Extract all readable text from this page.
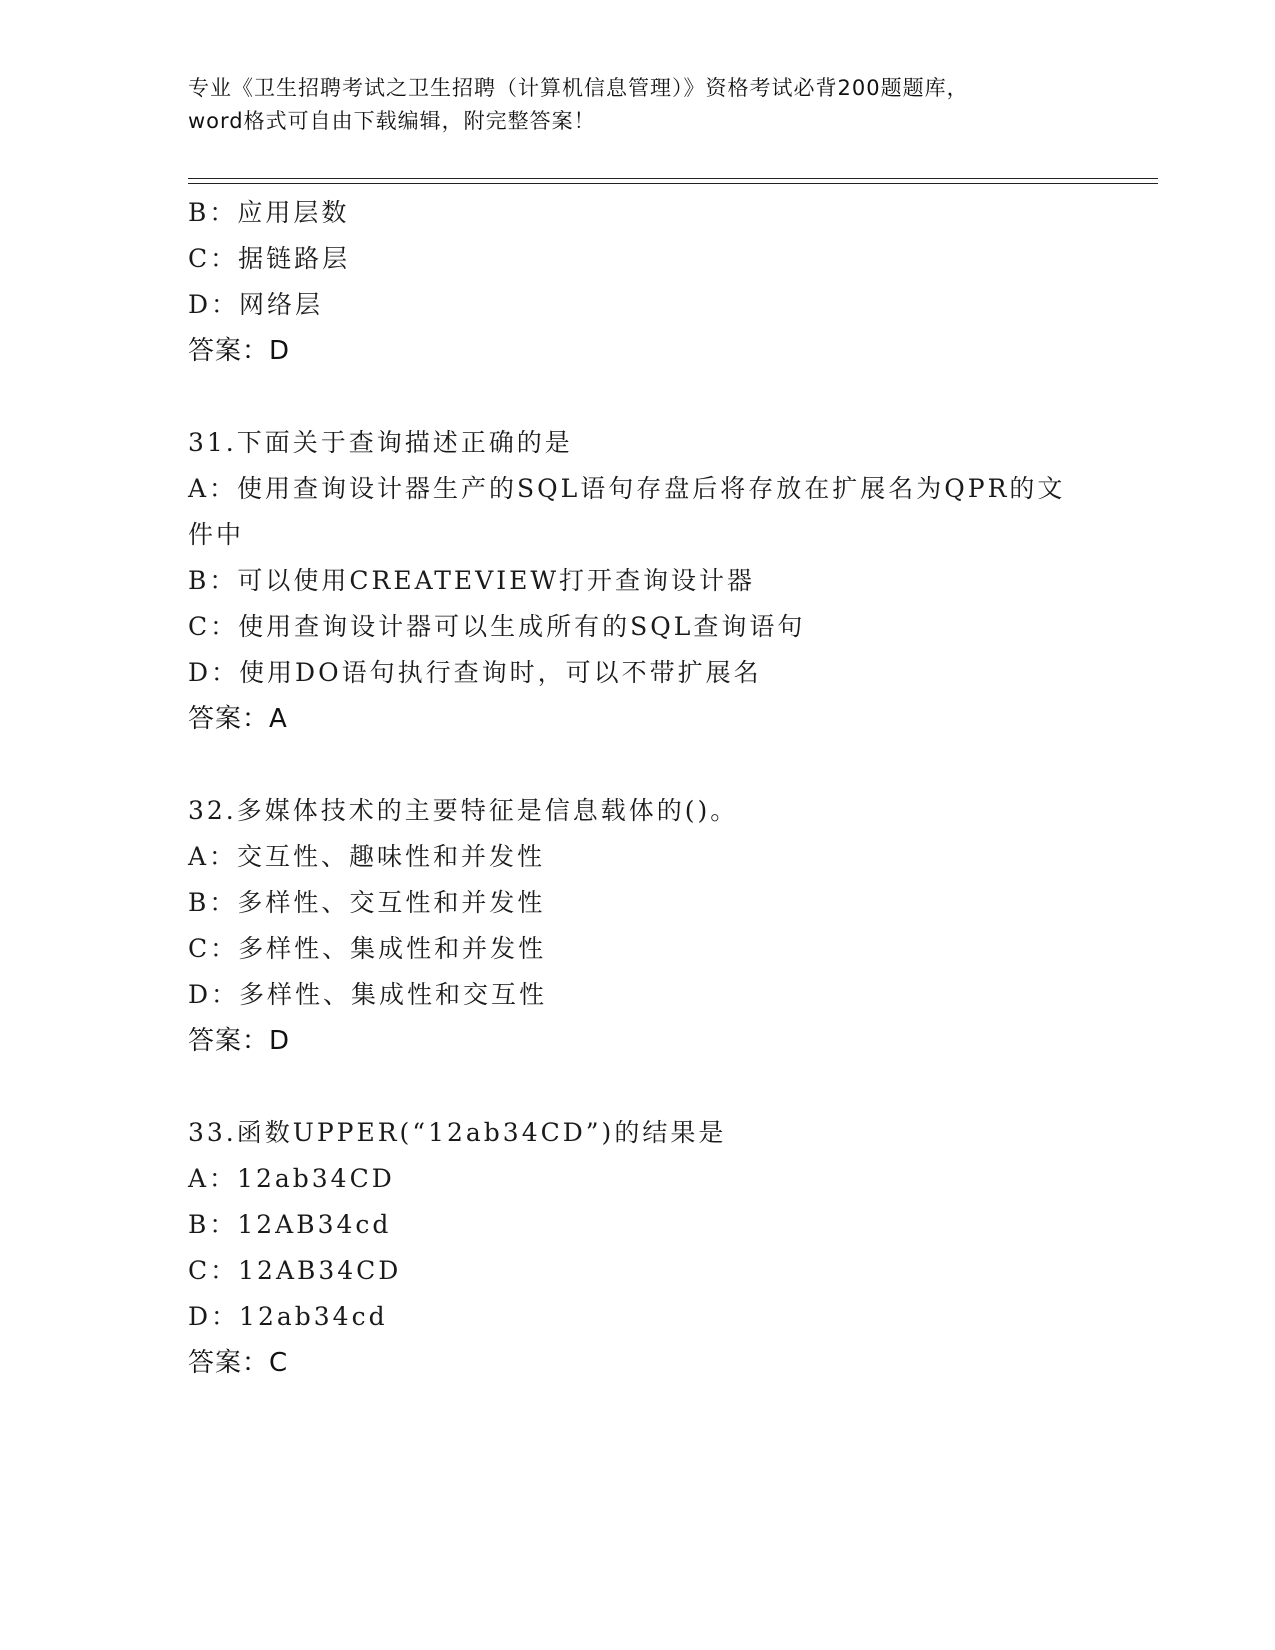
专业《卫生招聘考试之卫生招聘（计算机信息管理）》资格考试必背200题题库，
word格式可自由下载编辑，附完整答案！
B：应用层数
C：据链路层
D：网络层
答案：D
31.下面关于查询描述正确的是
A：使用查询设计器生产的SQL语句存盘后将存放在扩展名为QPR的文件中
B：可以使用CREATEVIEW打开查询设计器
C：使用查询设计器可以生成所有的SQL查询语句
D：使用DO语句执行查询时，可以不带扩展名
答案：A
32.多媒体技术的主要特征是信息载体的()。
A：交互性、趣味性和并发性
B：多样性、交互性和并发性
C：多样性、集成性和并发性
D：多样性、集成性和交互性
答案：D
33.函数UPPER(“12ab34CD”)的结果是
A：12ab34CD
B：12AB34cd
C：12AB34CD
D：12ab34cd
答案：C
